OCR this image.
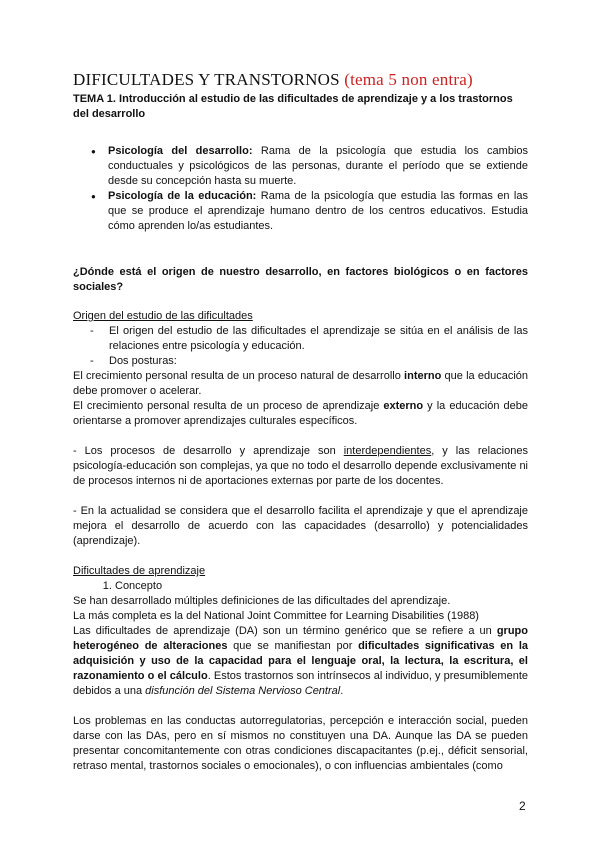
DIFICULTADES Y TRANSTORNOS (tema 5 non entra)

TEMA 1. Introducción al estudio de las dificultades de aprendizaje y a los trastornos del desarrollo

● Psicología del desarrollo: Rama de la psicología que estudia los cambios conductuales y psicológicos de las personas, durante el período que se extiende desde su concepción hasta su muerte.
● Psicología de la educación: Rama de la psicología que estudia las formas en las que se produce el aprendizaje humano dentro de los centros educativos. Estudia cómo aprenden lo/as estudiantes.

¿Dónde está el origen de nuestro desarrollo, en factores biológicos o en factores sociales?

Origen del estudio de las dificultades

- El origen del estudio de las dificultades el aprendizaje se sitúa en el análisis de las relaciones entre psicología y educación.
- Dos posturas:

El crecimiento personal resulta de un proceso natural de desarrollo interno que la educación debe promover o acelerar.

El crecimiento personal resulta de un proceso de aprendizaje externo y la educación debe orientarse a promover aprendizajes culturales específicos.

- Los procesos de desarrollo y aprendizaje son interdependientes, y las relaciones psicología-educación son complejas, ya que no todo el desarrollo depende exclusivamente ni de procesos internos ni de aportaciones externas por parte de los docentes.

- En la actualidad se considera que el desarrollo facilita el aprendizaje y que el aprendizaje mejora el desarrollo de acuerdo con las capacidades (desarrollo) y potencialidades (aprendizaje).

Dificultades de aprendizaje

1. Concepto

Se han desarrollado múltiples definiciones de las dificultades del aprendizaje.

La más completa es la del National Joint Committee for Learning Disabilities (1988)

Las dificultades de aprendizaje (DA) son un término genérico que se refiere a un grupo heterogéneo de alteraciones que se manifiestan por dificultades significativas en la adquisición y uso de la capacidad para el lenguaje oral, la lectura, la escritura, el razonamiento o el cálculo. Estos trastornos son intrínsecos al individuo, y presumiblemente debidos a una disfunción del Sistema Nervioso Central.

Los problemas en las conductas autorregulatorias, percepción e interacción social, pueden darse con las DAs, pero en sí mismos no constituyen una DA. Aunque las DA se pueden presentar concomitantemente con otras condiciones discapacitantes (p.ej., déficit sensorial, retraso mental, trastornos sociales o emocionales), o con influencias ambientales (como

2
